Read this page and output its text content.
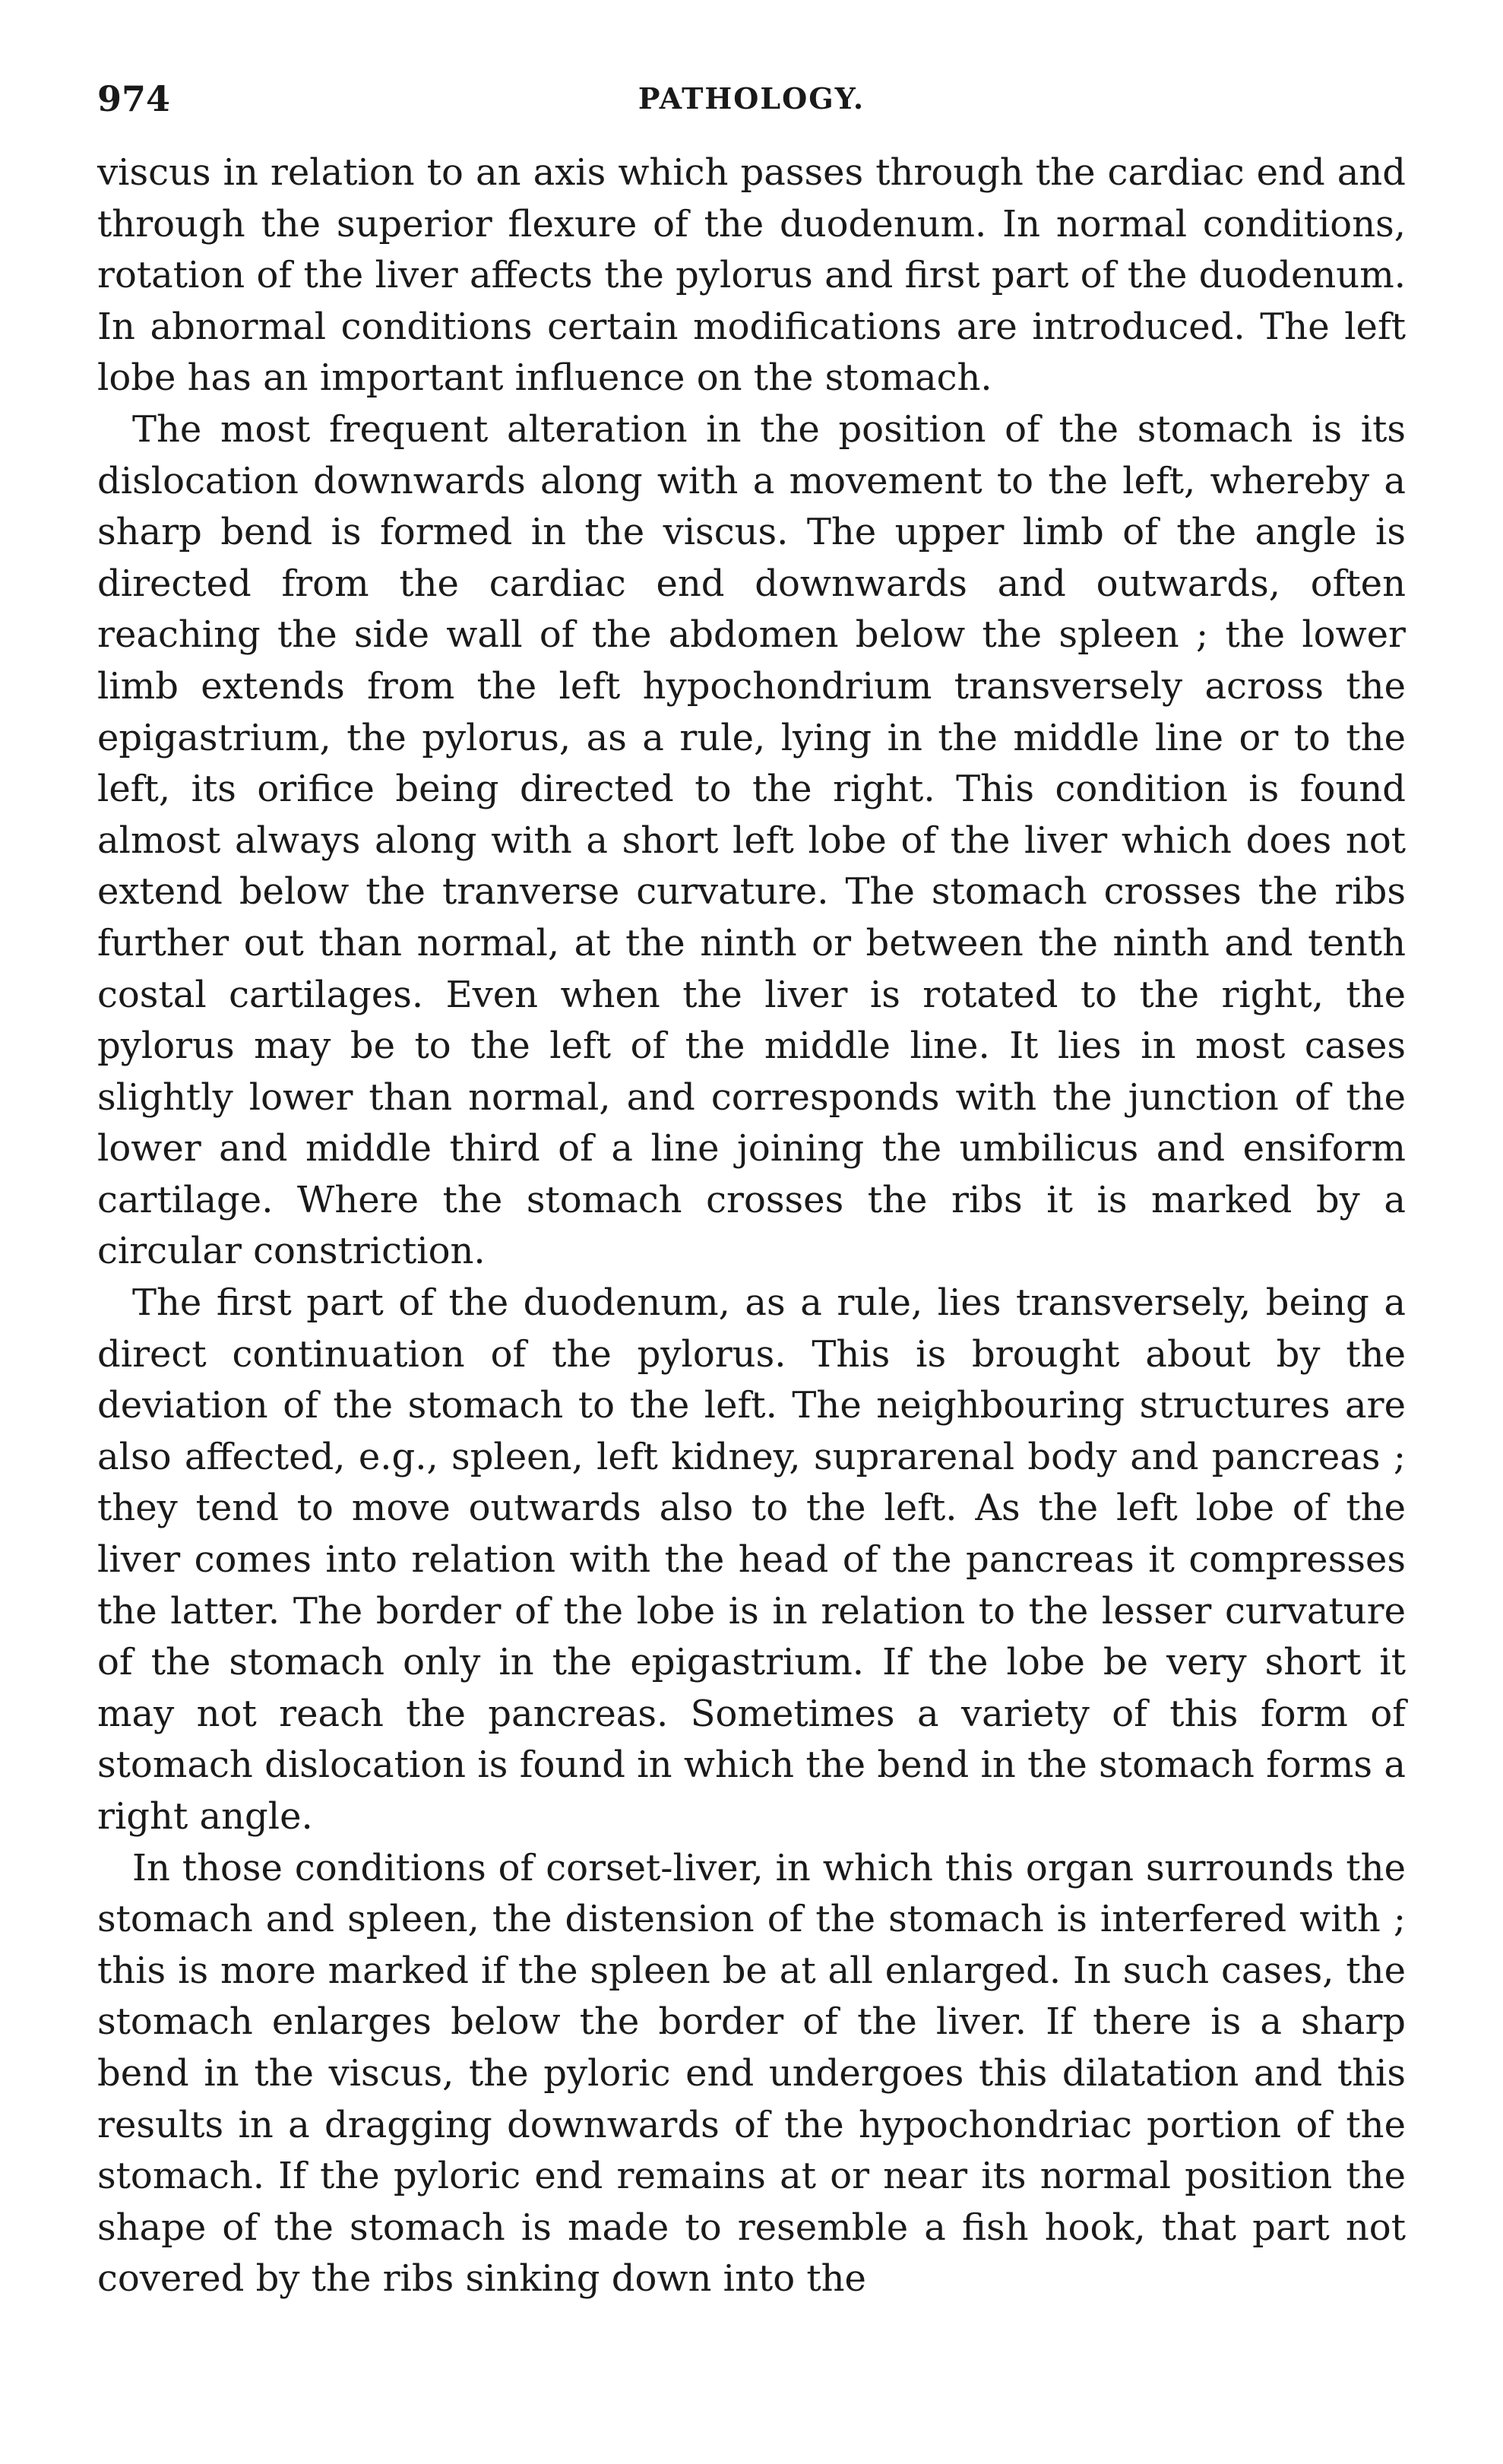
974	PATHOLOGY.

viscus in relation to an axis which passes through the cardiac end and through the superior flexure of the duodenum. In normal conditions, rotation of the liver affects the pylorus and first part of the duodenum. In abnormal conditions certain modifications are introduced. The left lobe has an important influence on the stomach.

The most frequent alteration in the position of the stomach is its dislocation downwards along with a movement to the left, whereby a sharp bend is formed in the viscus. The upper limb of the angle is directed from the cardiac end downwards and outwards, often reaching the side wall of the abdomen below the spleen ; the lower limb extends from the left hypochondrium transversely across the epigastrium, the pylorus, as a rule, lying in the middle line or to the left, its orifice being directed to the right. This condition is found almost always along with a short left lobe of the liver which does not extend below the tranverse curvature. The stomach crosses the ribs further out than normal, at the ninth or between the ninth and tenth costal cartilages. Even when the liver is rotated to the right, the pylorus may be to the left of the middle line. It lies in most cases slightly lower than normal, and corresponds with the junction of the lower and middle third of a line joining the umbilicus and ensiform cartilage. Where the stomach crosses the ribs it is marked by a circular constriction.

The first part of the duodenum, as a rule, lies transversely, being a direct continuation of the pylorus. This is brought about by the deviation of the stomach to the left. The neighbouring structures are also affected, e.g., spleen, left kidney, suprarenal body and pancreas ; they tend to move outwards also to the left. As the left lobe of the liver comes into relation with the head of the pancreas it compresses the latter. The border of the lobe is in relation to the lesser curvature of the stomach only in the epigastrium. If the lobe be very short it may not reach the pancreas. Sometimes a variety of this form of stomach dislocation is found in which the bend in the stomach forms a right angle.

In those conditions of corset-liver, in which this organ surrounds the stomach and spleen, the distension of the stomach is interfered with ; this is more marked if the spleen be at all enlarged. In such cases, the stomach enlarges below the border of the liver. If there is a sharp bend in the viscus, the pyloric end undergoes this dilatation and this results in a dragging downwards of the hypochondriac portion of the stomach. If the pyloric end remains at or near its normal position the shape of the stomach is made to resemble a fish hook, that part not covered by the ribs sinking down into the
